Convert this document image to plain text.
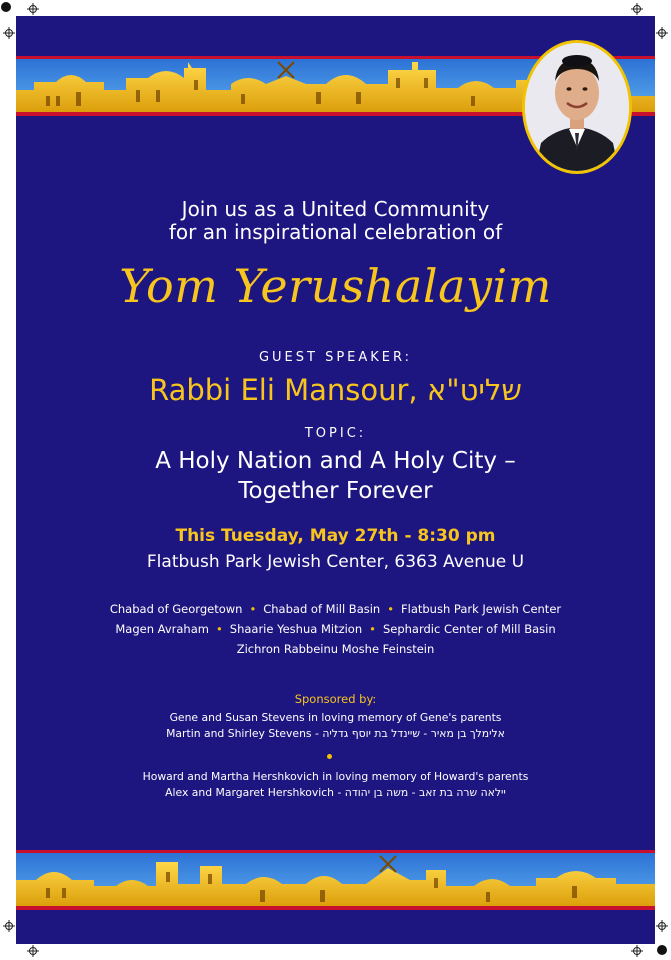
Join us as a United Community
for an inspirational celebration of
Yom Yerushalayim
GUEST SPEAKER:
Rabbi Eli Mansour, שליט"א
TOPIC:
A Holy Nation and A Holy City –
Together Forever
This Tuesday, May 27th - 8:30 pm
Flatbush Park Jewish Center, 6363 Avenue U
Chabad of Georgetown • Chabad of Mill Basin • Flatbush Park Jewish Center
Magen Avraham • Shaarie Yeshua Mitzion • Sephardic Center of Mill Basin
Zichron Rabbeinu Moshe Feinstein
Sponsored by:
Gene and Susan Stevens in loving memory of Gene's parents
Martin and Shirley Stevens - אלימלך בן מאיר - שיינדל בת יוסף גדליה
Howard and Martha Hershkovich in loving memory of Howard's parents
Alex and Margaret Hershkovich - יילאה שרה בת זאב - משה בן יהודה
